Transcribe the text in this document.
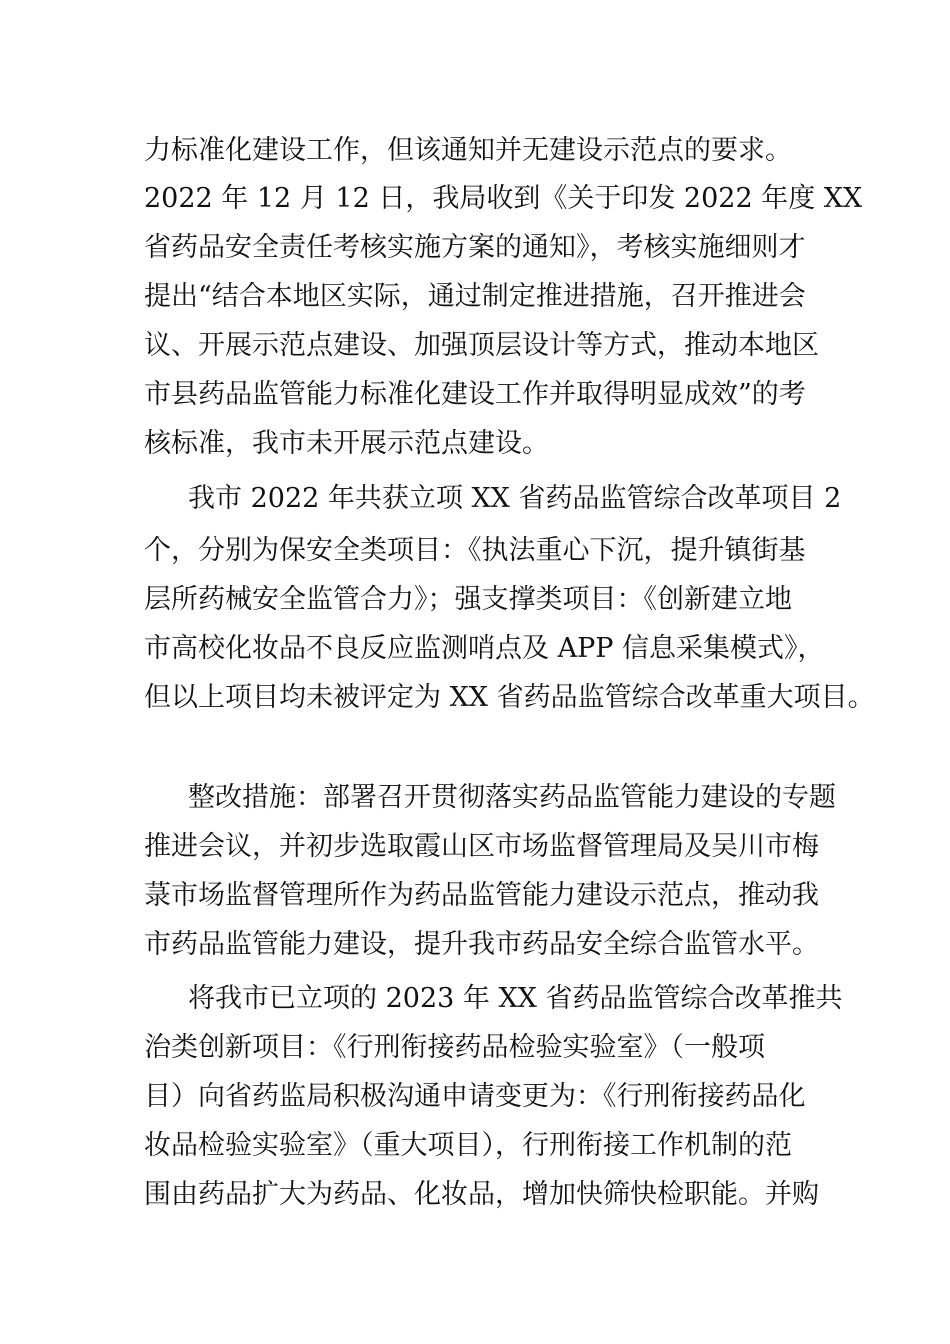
力标准化建设工作，但该通知并无建设示范点的要求。
2022 年 12 月 12 日，我局收到《关于印发 2022 年度 XX
省药品安全责任考核实施方案的通知》，考核实施细则才
提出“结合本地区实际，通过制定推进措施，召开推进会
议、开展示范点建设、加强顶层设计等方式，推动本地区
市县药品监管能力标准化建设工作并取得明显成效”的考
核标准，我市未开展示范点建设。
我市 2022 年共获立项 XX 省药品监管综合改革项目 2
个，分别为保安全类项目：《执法重心下沉，提升镇街基
层所药械安全监管合力》；强支撑类项目：《创新建立地
市高校化妆品不良反应监测哨点及 APP 信息采集模式》，
但以上项目均未被评定为 XX 省药品监管综合改革重大项目。
整改措施：部署召开贯彻落实药品监管能力建设的专题
推进会议，并初步选取霞山区市场监督管理局及吴川市梅
菉市场监督管理所作为药品监管能力建设示范点，推动我
市药品监管能力建设，提升我市药品安全综合监管水平。
将我市已立项的 2023 年 XX 省药品监管综合改革推共
治类创新项目：《行刑衔接药品检验实验室》（一般项
目）向省药监局积极沟通申请变更为：《行刑衔接药品化
妆品检验实验室》（重大项目），行刑衔接工作机制的范
围由药品扩大为药品、化妆品，增加快筛快检职能。并购
